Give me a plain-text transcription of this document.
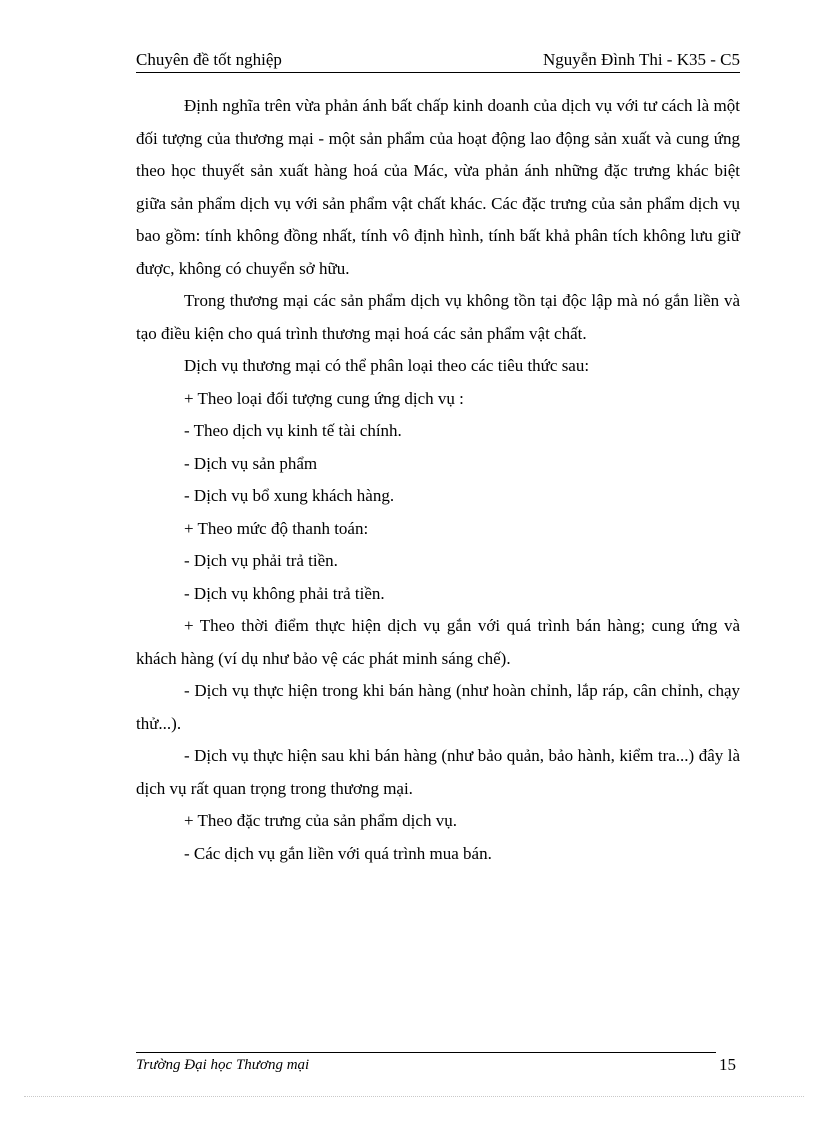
Chuyên đề tốt nghiệp	Nguyễn Đình Thi - K35 - C5

Định nghĩa trên vừa phản ánh bất chấp kinh doanh của dịch vụ với tư cách là một đối tượng của thương mại - một sản phẩm của hoạt động lao động sản xuất và cung ứng theo học thuyết sản xuất hàng hoá của Mác, vừa phản ánh những đặc trưng khác biệt giữa sản phẩm dịch vụ với sản phẩm vật chất khác. Các đặc trưng của sản phẩm dịch vụ bao gồm: tính không đồng nhất, tính vô định hình, tính bất khả phân tích không lưu giữ được, không có chuyển sở hữu.

Trong thương mại các sản phẩm dịch vụ không tồn tại độc lập mà nó gắn liền và tạo điều kiện cho quá trình thương mại hoá các sản phẩm vật chất.

Dịch vụ thương mại có thể phân loại theo các tiêu thức sau:

+ Theo loại đối tượng cung ứng dịch vụ :

- Theo dịch vụ kinh tế tài chính.

- Dịch vụ sản phẩm

- Dịch vụ bổ xung khách hàng.

+ Theo mức độ thanh toán:

- Dịch vụ phải trả tiền.

- Dịch vụ không phải trả tiền.

+ Theo thời điểm thực hiện dịch vụ gắn với quá trình bán hàng; cung ứng và khách hàng (ví dụ như bảo vệ các phát minh sáng chế).

- Dịch vụ thực hiện trong khi bán hàng (như hoàn chỉnh, lắp ráp, cân chỉnh, chạy thử...).

- Dịch vụ thực hiện sau khi bán hàng (như bảo quản, bảo hành, kiểm tra...) đây là dịch vụ rất quan trọng trong thương mại.

+ Theo đặc trưng của sản phẩm dịch vụ.

- Các dịch vụ gắn liền với quá trình mua bán.

Trường Đại học Thương mại	15
